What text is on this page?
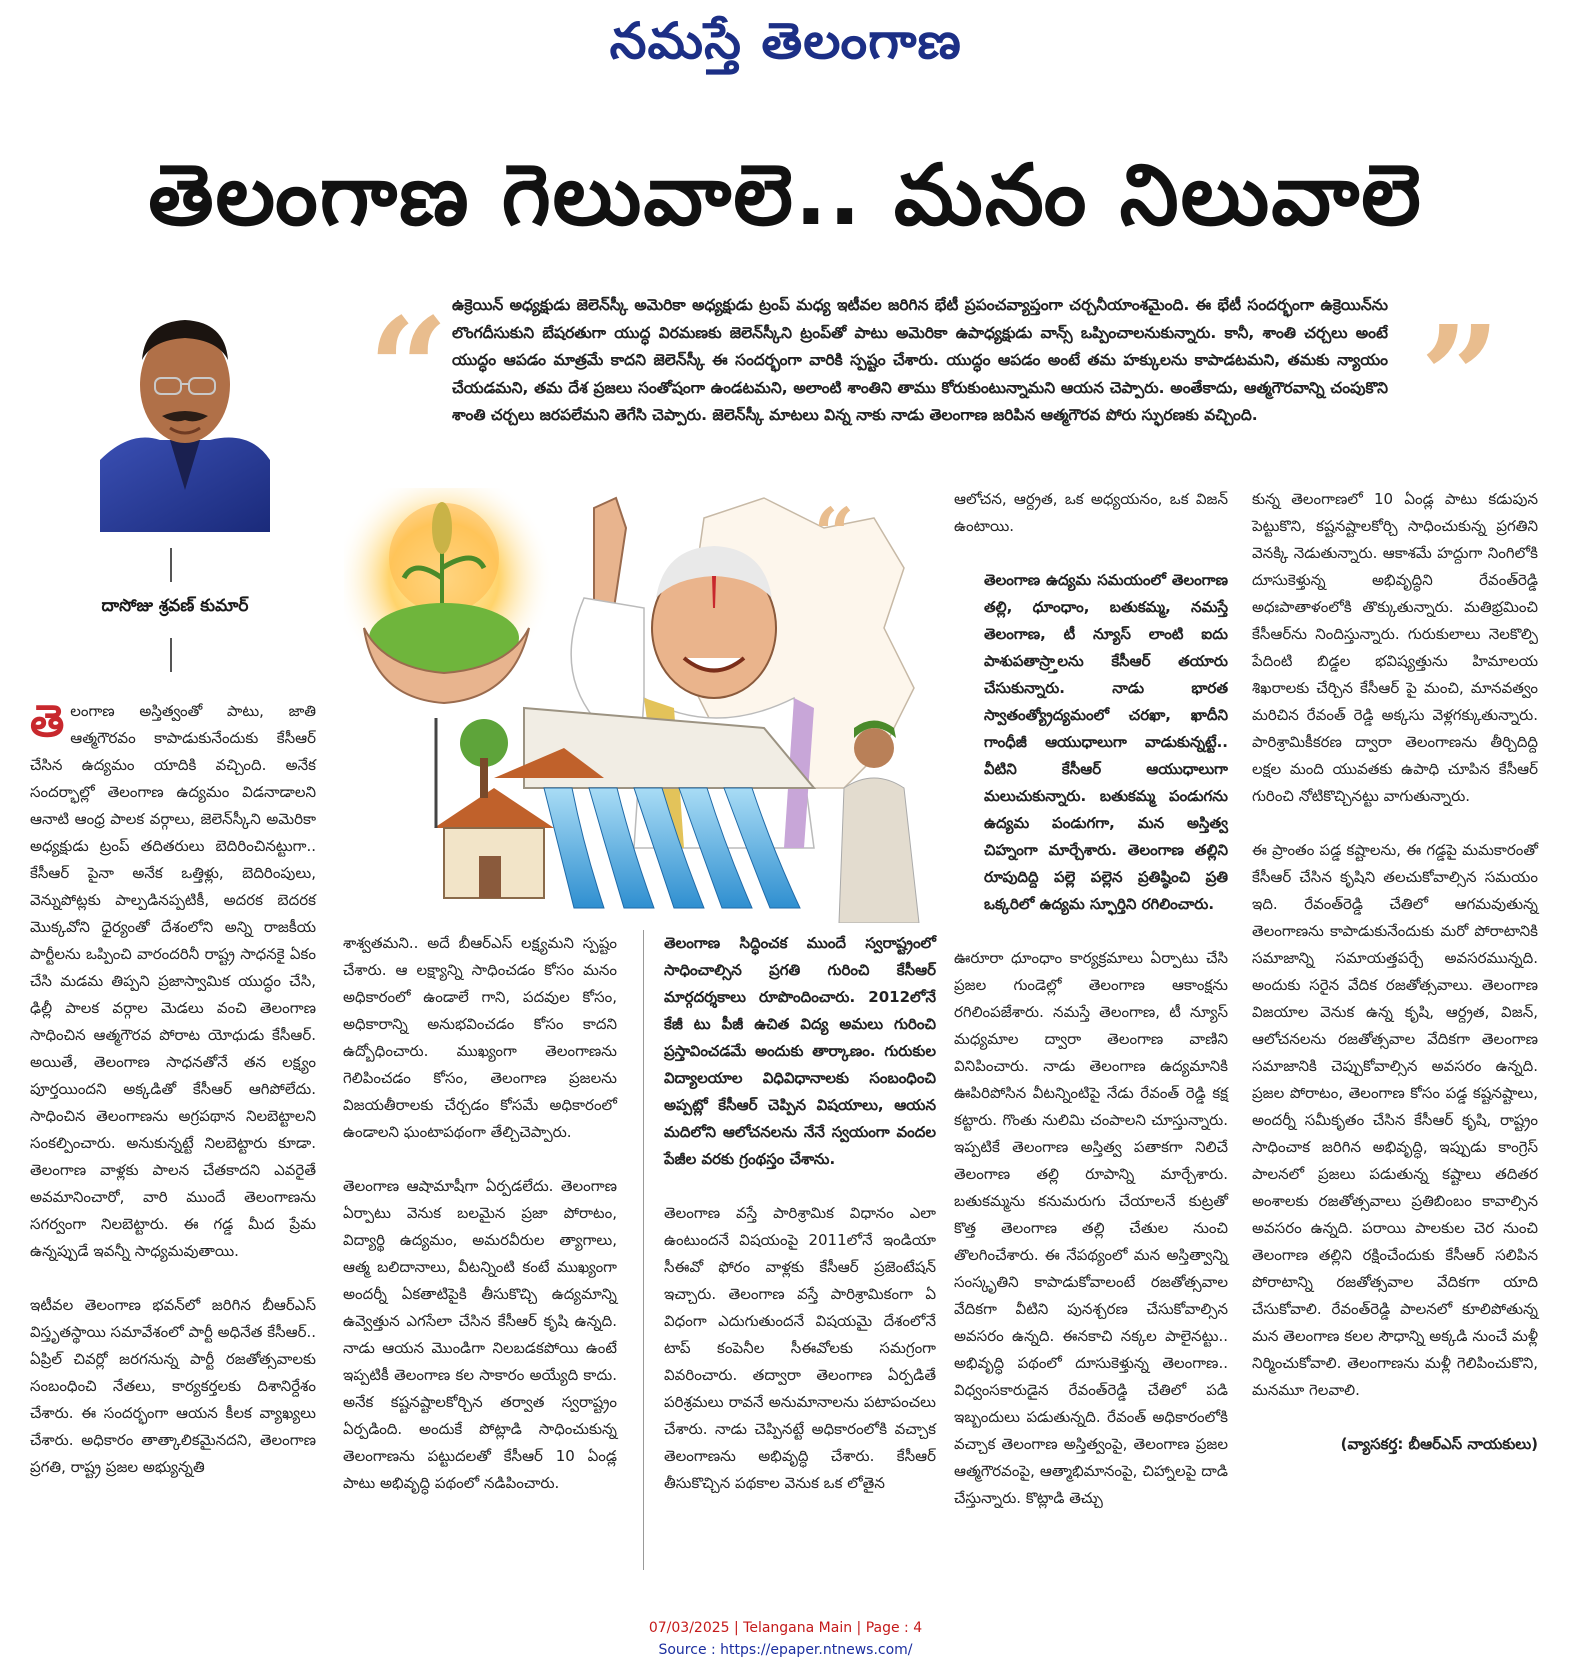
నమస్తే తెలంగాణ
తెలంగాణ గెలువాలె.. మనం నిలువాలె
“	”
ఉక్రెయిన్ అధ్యక్షుడు జెలెన్‌స్కీ అమెరికా అధ్యక్షుడు ట్రంప్ మధ్య ఇటీవల జరిగిన భేటీ ప్రపంచవ్యాప్తంగా చర్చనీయాంశమైంది. ఈ భేటీ సందర్భంగా ఉక్రెయిన్‌ను లొంగదీసుకుని బేషరతుగా యుద్ధ విరమణకు జెలెన్‌స్కీని ట్రంప్‌తో పాటు అమెరికా ఉపాధ్యక్షుడు వాన్స్ ఒప్పించాలనుకున్నారు. కానీ, శాంతి చర్చలు అంటే యుద్ధం ఆపడం మాత్రమే కాదని జెలెన్‌స్కీ ఈ సందర్భంగా వారికి స్పష్టం చేశారు. యుద్ధం ఆపడం అంటే తమ హక్కులను కాపాడటమని, తమకు న్యాయం చేయడమని, తమ దేశ ప్రజలు సంతోషంగా ఉండటమని, అలాంటి శాంతిని తాము కోరుకుంటున్నామని ఆయన చెప్పారు. అంతేకాదు, ఆత్మగౌరవాన్ని చంపుకొని శాంతి చర్చలు జరపలేమని తెగేసి చెప్పారు. జెలెన్‌స్కీ మాటలు విన్న నాకు నాడు తెలంగాణ జరిపిన ఆత్మగౌరవ పోరు స్ఫురణకు వచ్చింది.
దాసోజు శ్రవణ్ కుమార్

తెలంగాణ అస్తిత్వంతో పాటు, జాతి ఆత్మగౌరవం కాపాడుకునేందుకు కేసీఆర్ చేసిన ఉద్యమం యాదికి వచ్చింది. అనేక సందర్భాల్లో తెలంగాణ ఉద్యమం విడనాడాలని ఆనాటి ఆంధ్ర పాలక వర్గాలు, జెలెన్‌స్కీని అమెరికా అధ్యక్షుడు ట్రంప్ తదితరులు బెదిరించినట్టుగా.. కేసీఆర్ పైనా అనేక ఒత్తిళ్లు, బెదిరింపులు, వెన్నుపోట్లకు పాల్పడినప్పటికీ, అదరక బెదరక మొక్కవోని ధైర్యంతో దేశంలోని అన్ని రాజకీయ పార్టీలను ఒప్పించి వారందరినీ రాష్ట్ర సాధనకై ఏకం చేసి మడమ తిప్పని ప్రజాస్వామిక యుద్ధం చేసి, ఢిల్లీ పాలక వర్గాల మెడలు వంచి తెలంగాణ సాధించిన ఆత్మగౌరవ పోరాట యోధుడు కేసీఆర్. అయితే, తెలంగాణ సాధనతోనే తన లక్ష్యం పూర్తయిందని అక్కడితో కేసీఆర్ ఆగిపోలేదు. సాధించిన తెలంగాణను అగ్రపథాన నిలబెట్టాలని సంకల్పించారు. అనుకున్నట్టే నిలబెట్టారు కూడా. తెలంగాణ వాళ్లకు పాలన చేతకాదని ఎవరైతే అవమానించారో, వారి ముందే తెలంగాణను సగర్వంగా నిలబెట్టారు. ఈ గడ్డ మీద ప్రేమ ఉన్నప్పుడే ఇవన్నీ సాధ్యమవుతాయి.

ఇటీవల తెలంగాణ భవన్‌లో జరిగిన బీఆర్‌ఎస్ విస్తృతస్థాయి సమావేశంలో పార్టీ అధినేత కేసీఆర్.. ఏప్రిల్ చివర్లో జరగనున్న పార్టీ రజతోత్సవాలకు సంబంధించి నేతలు, కార్యకర్తలకు దిశానిర్దేశం చేశారు. ఈ సందర్భంగా ఆయన కీలక వ్యాఖ్యలు చేశారు. అధికారం తాత్కాలికమైనదని, తెలంగాణ ప్రగతి, రాష్ట్ర ప్రజల అభ్యున్నతి

“

శాశ్వతమని.. అదే బీఆర్‌ఎస్ లక్ష్యమని స్పష్టం చేశారు. ఆ లక్ష్యాన్ని సాధించడం కోసం మనం అధికారంలో ఉండాలే గాని, పదవుల కోసం, అధికారాన్ని అనుభవించడం కోసం కాదని ఉద్బోధించారు. ముఖ్యంగా తెలంగాణను గెలిపించడం కోసం, తెలంగాణ ప్రజలను విజయతీరాలకు చేర్చడం కోసమే అధికారంలో ఉండాలని ఘంటాపథంగా తేల్చిచెప్పారు.

తెలంగాణ ఆషామాషీగా ఏర్పడలేదు. తెలంగాణ ఏర్పాటు వెనుక బలమైన ప్రజా పోరాటం, విద్యార్థి ఉద్యమం, అమరవీరుల త్యాగాలు, ఆత్మ బలిదానాలు, వీటన్నింటి కంటే ముఖ్యంగా అందర్నీ ఏకతాటిపైకి తీసుకొచ్చి ఉద్యమాన్ని ఉవ్వెత్తున ఎగసేలా చేసిన కేసీఆర్ కృషి ఉన్నది. నాడు ఆయన మొండిగా నిలబడకపోయి ఉంటే ఇప్పటికీ తెలంగాణ కల సాకారం అయ్యేది కాదు. అనేక కష్టనష్టాలకోర్చిన తర్వాత స్వరాష్ట్రం ఏర్పడింది. అందుకే పోట్లాడి సాధించుకున్న తెలంగాణను పట్టుదలతో కేసీఆర్ 10 ఏండ్ల పాటు అభివృద్ధి పథంలో నడిపించారు.

తెలంగాణ సిద్ధించక ముందే స్వరాష్ట్రంలో సాధించాల్సిన ప్రగతి గురించి కేసీఆర్ మార్గదర్శకాలు రూపొందించారు. 2012లోనే కేజీ టు పీజీ ఉచిత విద్య అమలు గురించి ప్రస్తావించడమే అందుకు తార్కాణం. గురుకుల విద్యాలయాల విధివిధానాలకు సంబంధించి అప్పట్లో కేసీఆర్ చెప్పిన విషయాలు, ఆయన మదిలోని ఆలోచనలను నేనే స్వయంగా వందల పేజీల వరకు గ్రంథస్తం చేశాను.

తెలంగాణ వస్తే పారిశ్రామిక విధానం ఎలా ఉంటుందనే విషయంపై 2011లోనే ఇండియా సీఈవో ఫోరం వాళ్లకు కేసీఆర్ ప్రజెంటేషన్ ఇచ్చారు. తెలంగాణ వస్తే పారిశ్రామికంగా ఏ విధంగా ఎదుగుతుందనే విషయమై దేశంలోనే టాప్ కంపెనీల సీఈవోలకు సమగ్రంగా వివరించారు. తద్వారా తెలంగాణ ఏర్పడితే పరిశ్రమలు రావనే అనుమానాలను పటాపంచలు చేశారు. నాడు చెప్పినట్టే అధికారంలోకి వచ్చాక తెలంగాణను అభివృద్ధి చేశారు. కేసీఆర్ తీసుకొచ్చిన పథకాల వెనుక ఒక లోతైన

ఆలోచన, ఆర్ద్రత, ఒక అధ్యయనం, ఒక విజన్ ఉంటాయి.

తెలంగాణ ఉద్యమ సమయంలో తెలంగాణ తల్లి, ధూంధాం, బతుకమ్మ, నమస్తే తెలంగాణ, టీ న్యూస్ లాంటి ఐదు పాశుపతాస్ర్తాలను కేసీఆర్ తయారు చేసుకున్నారు. నాడు భారత స్వాతంత్య్రోద్యమంలో చరఖా, ఖాదీని గాంధీజీ ఆయుధాలుగా వాడుకున్నట్టే.. వీటిని కేసీఆర్ ఆయుధాలుగా మలుచుకున్నారు. బతుకమ్మ పండుగను ఉద్యమ పండుగగా, మన అస్తిత్వ చిహ్నంగా మార్చేశారు. తెలంగాణ తల్లిని రూపుదిద్ది పల్లె పల్లెన ప్రతిష్ఠించి ప్రతి ఒక్కరిలో ఉద్యమ స్ఫూర్తిని రగిలించారు.

ఊరూరా ధూంధాం కార్యక్రమాలు ఏర్పాటు చేసి ప్రజల గుండెల్లో తెలంగాణ ఆకాంక్షను రగిలింపజేశారు. నమస్తే తెలంగాణ, టీ న్యూస్ మధ్యమాల ద్వారా తెలంగాణ వాణిని వినిపించారు. నాడు తెలంగాణ ఉద్యమానికి ఊపిరిపోసిన వీటన్నింటిపై నేడు రేవంత్ రెడ్డి కక్ష కట్టారు. గొంతు నులిమి చంపాలని చూస్తున్నారు. ఇప్పటికే తెలంగాణ అస్తిత్వ పతాకగా నిలిచే తెలంగాణ తల్లి రూపాన్ని మార్చేశారు. బతుకమ్మను కనుమరుగు చేయాలనే కుట్రతో కొత్త తెలంగాణ తల్లి చేతుల నుంచి తొలగించేశారు. ఈ నేపథ్యంలో మన అస్తిత్వాన్ని సంస్కృతిని కాపాడుకోవాలంటే రజతోత్సవాల వేదికగా వీటిని పునశ్చరణ చేసుకోవాల్సిన అవసరం ఉన్నది. ఈనకాచి నక్కల పాలైనట్టు.. అభివృద్ధి పథంలో దూసుకెళ్తున్న తెలంగాణ.. విధ్వంసకారుడైన రేవంత్‌రెడ్డి చేతిలో పడి ఇబ్బందులు పడుతున్నది. రేవంత్ అధికారంలోకి వచ్చాక తెలంగాణ అస్తిత్వంపై, తెలంగాణ ప్రజల ఆత్మగౌరవంపై, ఆత్మాభిమానంపై, చిహ్నాలపై దాడి చేస్తున్నారు. కొట్లాడి తెచ్చు

కున్న తెలంగాణలో 10 ఏండ్ల పాటు కడుపున పెట్టుకొని, కష్టనష్టాలకోర్చి సాధించుకున్న ప్రగతిని వెనక్కి నెడుతున్నారు. ఆకాశమే హద్దుగా నింగిలోకి దూసుకెళ్తున్న అభివృద్ధిని రేవంత్‌రెడ్డి అధఃపాతాళంలోకి తొక్కుతున్నారు. మతిభ్రమించి కేసీఆర్‌ను నిందిస్తున్నారు. గురుకులాలు నెలకొల్పి పేదింటి బిడ్డల భవిష్యత్తును హిమాలయ శిఖరాలకు చేర్చిన కేసీఆర్ పై మంచి, మానవత్వం మరిచిన రేవంత్ రెడ్డి అక్కసు వెళ్లగక్కుతున్నారు. పారిశ్రామికీకరణ ద్వారా తెలంగాణను తీర్చిదిద్ది లక్షల మంది యువతకు ఉపాధి చూపిన కేసీఆర్ గురించి నోటికొచ్చినట్టు వాగుతున్నారు.

ఈ ప్రాంతం పడ్డ కష్టాలను, ఈ గడ్డపై మమకారంతో కేసీఆర్ చేసిన కృషిని తలచుకోవాల్సిన సమయం ఇది. రేవంత్‌రెడ్డి చేతిలో ఆగమవుతున్న తెలంగాణను కాపాడుకునేందుకు మరో పోరాటానికి సమాజాన్ని సమాయత్తపర్చే అవసరమున్నది. అందుకు సరైన వేదిక రజతోత్సవాలు. తెలంగాణ విజయాల వెనుక ఉన్న కృషి, ఆర్ద్రత, విజన్, ఆలోచనలను రజతోత్సవాల వేదికగా తెలంగాణ సమాజానికి చెప్పుకోవాల్సిన అవసరం ఉన్నది. ప్రజల పోరాటం, తెలంగాణ కోసం పడ్డ కష్టనష్టాలు, అందర్నీ సమీకృతం చేసిన కేసీఆర్ కృషి, రాష్ట్రం సాధించాక జరిగిన అభివృద్ధి, ఇప్పుడు కాంగ్రెస్ పాలనలో ప్రజలు పడుతున్న కష్టాలు తదితర అంశాలకు రజతోత్సవాలు ప్రతిబింబం కావాల్సిన అవసరం ఉన్నది. పరాయి పాలకుల చెర నుంచి తెలంగాణ తల్లిని రక్షించేందుకు కేసీఆర్ సలిపిన పోరాటాన్ని రజతోత్సవాల వేదికగా యాది చేసుకోవాలి. రేవంత్‌రెడ్డి పాలనలో కూలిపోతున్న మన తెలంగాణ కలల సౌధాన్ని అక్కడి నుంచే మళ్లీ నిర్మించుకోవాలి. తెలంగాణను మళ్లీ గెలిపించుకొని, మనమూ గెలవాలి.

(వ్యాసకర్త: బీఆర్‌ఎస్ నాయకులు)
07/03/2025 | Telangana Main | Page : 4
Source : https://epaper.ntnews.com/
